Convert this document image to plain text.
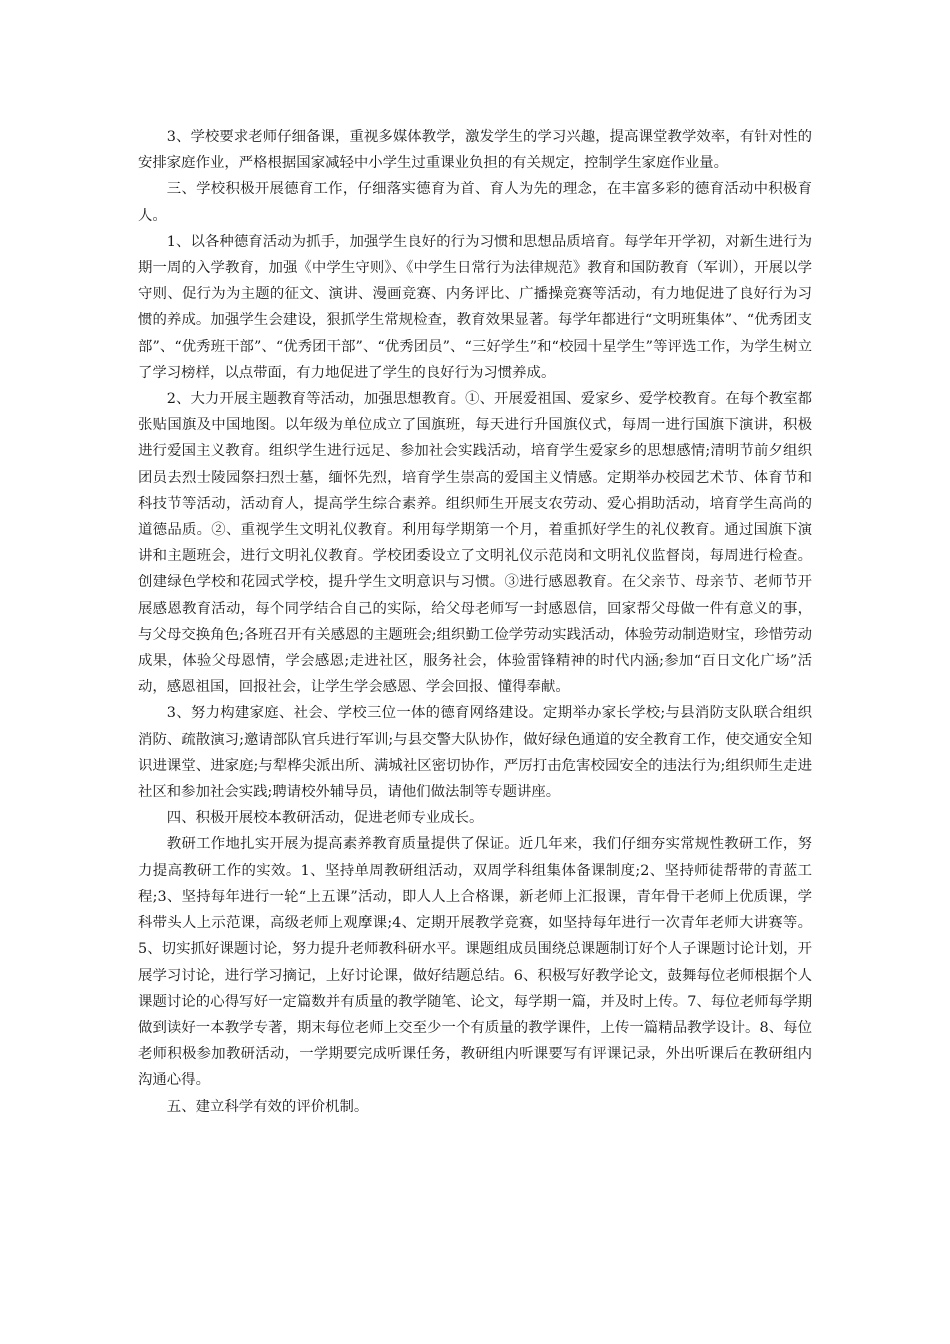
3、学校要求老师仔细备课，重视多媒体教学，激发学生的学习兴趣，提高课堂教学效率，有针对性的安排家庭作业，严格根据国家减轻中小学生过重课业负担的有关规定，控制学生家庭作业量。

三、学校积极开展德育工作，仔细落实德育为首、育人为先的理念，在丰富多彩的德育活动中积极育人。

1、以各种德育活动为抓手，加强学生良好的行为习惯和思想品质培育。每学年开学初，对新生进行为期一周的入学教育，加强《中学生守则》、《中学生日常行为法律规范》教育和国防教育（军训），开展以学守则、促行为为主题的征文、演讲、漫画竞赛、内务评比、广播操竞赛等活动，有力地促进了良好行为习惯的养成。加强学生会建设，狠抓学生常规检查，教育效果显著。每学年都进行“文明班集体”、“优秀团支部”、“优秀班干部”、“优秀团干部”、“优秀团员”、“三好学生”和“校园十星学生”等评选工作，为学生树立了学习榜样，以点带面，有力地促进了学生的良好行为习惯养成。

2、大力开展主题教育等活动，加强思想教育。①、开展爱祖国、爱家乡、爱学校教育。在每个教室都张贴国旗及中国地图。以年级为单位成立了国旗班，每天进行升国旗仪式，每周一进行国旗下演讲，积极进行爱国主义教育。组织学生进行远足、参加社会实践活动，培育学生爱家乡的思想感情;清明节前夕组织团员去烈士陵园祭扫烈士墓，缅怀先烈，培育学生崇高的爱国主义情感。定期举办校园艺术节、体育节和科技节等活动，活动育人，提高学生综合素养。组织师生开展支农劳动、爱心捐助活动，培育学生高尚的道德品质。②、重视学生文明礼仪教育。利用每学期第一个月，着重抓好学生的礼仪教育。通过国旗下演讲和主题班会，进行文明礼仪教育。学校团委设立了文明礼仪示范岗和文明礼仪监督岗，每周进行检查。创建绿色学校和花园式学校，提升学生文明意识与习惯。③进行感恩教育。在父亲节、母亲节、老师节开展感恩教育活动，每个同学结合自己的实际，给父母老师写一封感恩信，回家帮父母做一件有意义的事，与父母交换角色;各班召开有关感恩的主题班会;组织勤工俭学劳动实践活动，体验劳动制造财宝，珍惜劳动成果，体验父母恩情，学会感恩;走进社区，服务社会，体验雷锋精神的时代内涵;参加“百日文化广场”活动，感恩祖国，回报社会，让学生学会感恩、学会回报、懂得奉献。

3、努力构建家庭、社会、学校三位一体的德育网络建设。定期举办家长学校;与县消防支队联合组织消防、疏散演习;邀请部队官兵进行军训;与县交警大队协作，做好绿色通道的安全教育工作，使交通安全知识进课堂、进家庭;与犁桦尖派出所、满城社区密切协作，严厉打击危害校园安全的违法行为;组织师生走进社区和参加社会实践;聘请校外辅导员，请他们做法制等专题讲座。

四、积极开展校本教研活动，促进老师专业成长。

教研工作地扎实开展为提高素养教育质量提供了保证。近几年来，我们仔细夯实常规性教研工作，努力提高教研工作的实效。1、坚持单周教研组活动，双周学科组集体备课制度;2、坚持师徒帮带的青蓝工程;3、坚持每年进行一轮“上五课”活动，即人人上合格课，新老师上汇报课，青年骨干老师上优质课，学科带头人上示范课，高级老师上观摩课;4、定期开展教学竞赛，如坚持每年进行一次青年老师大讲赛等。5、切实抓好课题讨论，努力提升老师教科研水平。课题组成员围绕总课题制订好个人子课题讨论计划，开展学习讨论，进行学习摘记，上好讨论课，做好结题总结。6、积极写好教学论文，鼓舞每位老师根据个人课题讨论的心得写好一定篇数并有质量的教学随笔、论文，每学期一篇，并及时上传。7、每位老师每学期做到读好一本教学专著，期末每位老师上交至少一个有质量的教学课件，上传一篇精品教学设计。8、每位老师积极参加教研活动，一学期要完成听课任务，教研组内听课要写有评课记录，外出听课后在教研组内沟通心得。

五、建立科学有效的评价机制。
